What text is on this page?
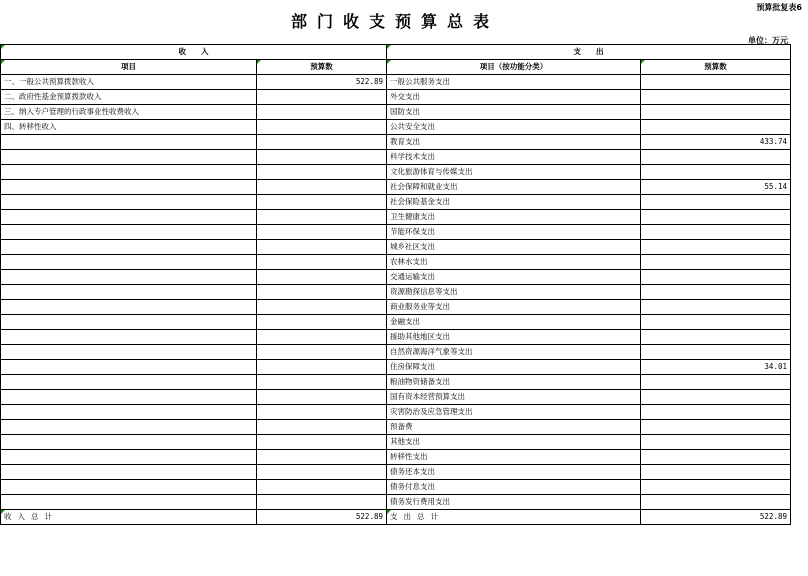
预算批复表6
部门收支预算总表
单位：万元
收　　入		支　　出	
项目	预算数	项目（按功能分类）	预算数
一、一般公共预算拨款收入	522.89	一般公共服务支出	
二、政府性基金预算拨款收入		外交支出	
三、纳入专户管理的行政事业性收费收入		国防支出	
四、转移性收入		公共安全支出	
		教育支出	433.74
		科学技术支出	
		文化旅游体育与传媒支出	
		社会保障和就业支出	55.14
		社会保险基金支出	
		卫生健康支出	
		节能环保支出	
		城乡社区支出	
		农林水支出	
		交通运输支出	
		资源勘探信息等支出	
		商业服务业等支出	
		金融支出	
		援助其他地区支出	
		自然资源海洋气象等支出	
		住房保障支出	34.01
		粮油物资储备支出	
		国有资本经营预算支出	
		灾害防治及应急管理支出	
		预备费	
		其他支出	
		转移性支出	
		债务还本支出	
		债务付息支出	
		债务发行费用支出	
收入总计	522.89	支出总计	522.89
